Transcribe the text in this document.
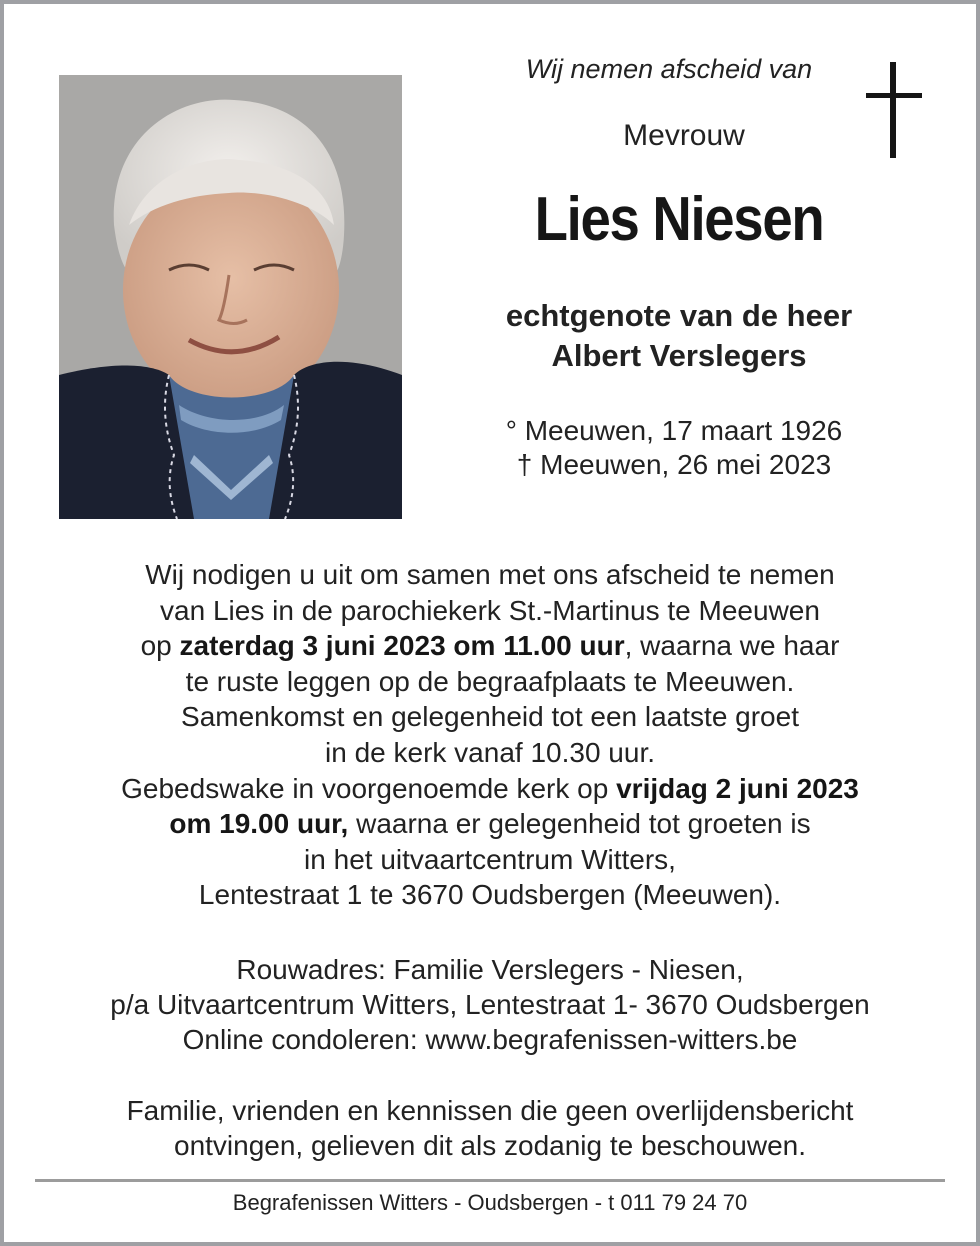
Wij nemen afscheid van
Mevrouw
Lies Niesen
echtgenote van de heer
Albert Verslegers
° Meeuwen, 17 maart 1926
† Meeuwen, 26 mei 2023
Wij nodigen u uit om samen met ons afscheid te nemen
van Lies in de parochiekerk St.-Martinus te Meeuwen
op zaterdag 3 juni 2023 om 11.00 uur, waarna we haar
te ruste leggen op de begraafplaats te Meeuwen.
Samenkomst en gelegenheid tot een laatste groet
in de kerk vanaf 10.30 uur.
Gebedswake in voorgenoemde kerk op vrijdag 2 juni 2023
om 19.00 uur, waarna er gelegenheid tot groeten is
in het uitvaartcentrum Witters,
Lentestraat 1 te 3670 Oudsbergen (Meeuwen).
Rouwadres: Familie Verslegers - Niesen,
p/a Uitvaartcentrum Witters, Lentestraat 1- 3670 Oudsbergen
Online condoleren: www.begrafenissen-witters.be
Familie, vrienden en kennissen die geen overlijdensbericht
ontvingen, gelieven dit als zodanig te beschouwen.
Begrafenissen Witters - Oudsbergen - t 011 79 24 70
